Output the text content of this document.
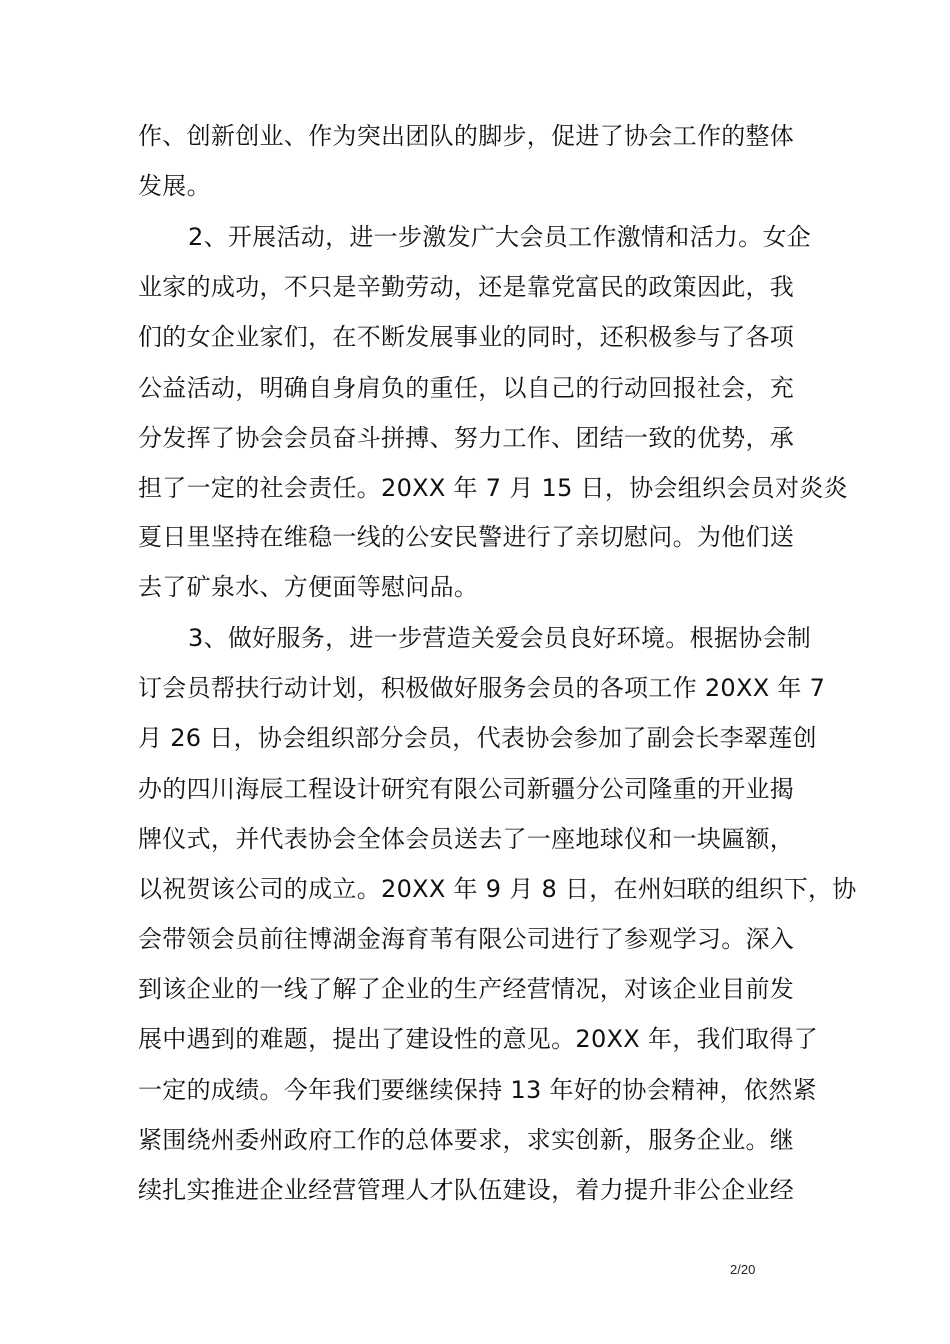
作、创新创业、作为突出团队的脚步，促进了协会工作的整体
发展。
2、开展活动，进一步激发广大会员工作激情和活力。女企
业家的成功，不只是辛勤劳动，还是靠党富民的政策因此，我
们的女企业家们，在不断发展事业的同时，还积极参与了各项
公益活动，明确自身肩负的重任，以自己的行动回报社会，充
分发挥了协会会员奋斗拼搏、努力工作、团结一致的优势，承
担了一定的社会责任。20XX 年 7 月 15 日，协会组织会员对炎炎
夏日里坚持在维稳一线的公安民警进行了亲切慰问。为他们送
去了矿泉水、方便面等慰问品。
3、做好服务，进一步营造关爱会员良好环境。根据协会制
订会员帮扶行动计划，积极做好服务会员的各项工作 20XX 年 7
月 26 日，协会组织部分会员，代表协会参加了副会长李翠莲创
办的四川海辰工程设计研究有限公司新疆分公司隆重的开业揭
牌仪式，并代表协会全体会员送去了一座地球仪和一块匾额，
以祝贺该公司的成立。20XX 年 9 月 8 日，在州妇联的组织下，协
会带领会员前往博湖金海育苇有限公司进行了参观学习。深入
到该企业的一线了解了企业的生产经营情况，对该企业目前发
展中遇到的难题，提出了建设性的意见。20XX 年，我们取得了
一定的成绩。今年我们要继续保持 13 年好的协会精神，依然紧
紧围绕州委州政府工作的总体要求，求实创新，服务企业。继
续扎实推进企业经营管理人才队伍建设，着力提升非公企业经
2/20
